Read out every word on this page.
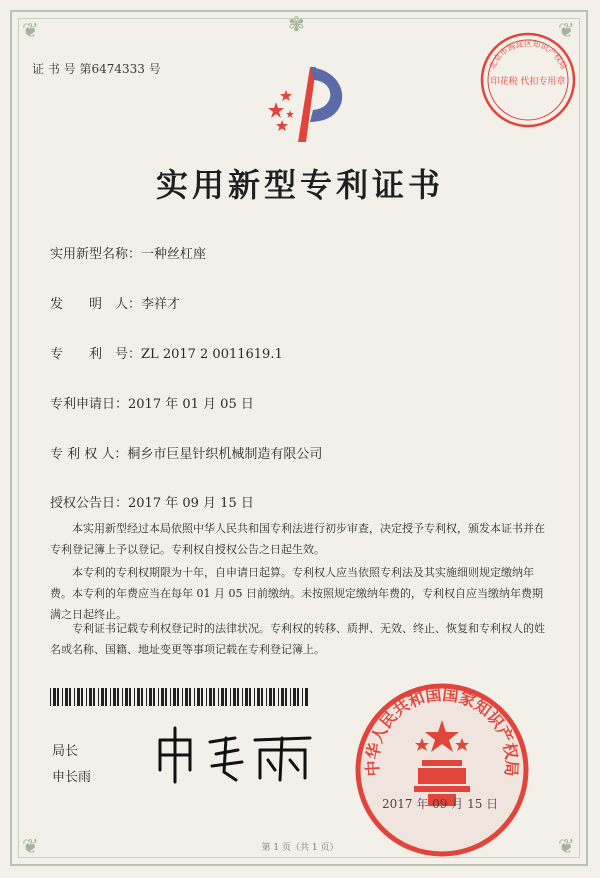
❦	❦
❦	❦
✾
证 书 号 第6474333 号	北京市海淀区知识产权局
印花税 代扣专用章
实用新型专利证书
实用新型名称：一种丝杠座
发　　明　人：李祥才
专　　利　号：ZL 2017 2 0011619.1
专利申请日：2017 年 01 月 05 日
专 利 权 人：桐乡市巨星针织机械制造有限公司
授权公告日：2017 年 09 月 15 日

本实用新型经过本局依照中华人民共和国专利法进行初步审查，决定授予专利权，颁发本证书并在专利登记簿上予以登记。专利权自授权公告之日起生效。

本专利的专利权期限为十年，自申请日起算。专利权人应当依照专利法及其实施细则规定缴纳年费。本专利的年费应当在每年 01 月 05 日前缴纳。未按照规定缴纳年费的，专利权自应当缴纳年费期满之日起终止。

专利证书记载专利权登记时的法律状况。专利权的转移、质押、无效、终止、恢复和专利权人的姓名或名称、国籍、地址变更等事项记载在专利登记簿上。

局长
申长雨
中华人民共和国国家知识产权局
2017 年 09 月 15 日
第 1 页（共 1 页）
